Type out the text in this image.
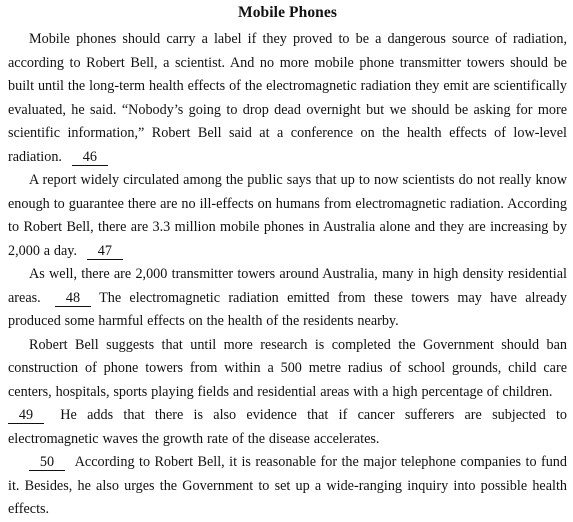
Mobile Phones

Mobile phones should carry a label if they proved to be a dangerous source of radiation, according to Robert Bell, a scientist. And no more mobile phone transmitter towers should be built until the long-term health effects of the electromagnetic radiation they emit are scientifically evaluated, he said. “Nobody’s going to drop dead overnight but we should be asking for more scientific information,” Robert Bell said at a conference on the health effects of low-level radiation. 46

A report widely circulated among the public says that up to now scientists do not really know enough to guarantee there are no ill-effects on humans from electromagnetic radiation. According to Robert Bell, there are 3.3 million mobile phones in Australia alone and they are increasing by 2,000 a day. 47

As well, there are 2,000 transmitter towers around Australia, many in high density residential areas. 48 The electromagnetic radiation emitted from these towers may have already produced some harmful effects on the health of the residents nearby.

Robert Bell suggests that until more research is completed the Government should ban construction of phone towers from within a 500 metre radius of school grounds, child care centers, hospitals, sports playing fields and residential areas with a high percentage of children.

49 He adds that there is also evidence that if cancer sufferers are subjected to electromagnetic waves the growth rate of the disease accelerates.

50 According to Robert Bell, it is reasonable for the major telephone companies to fund it. Besides, he also urges the Government to set up a wide-ranging inquiry into possible health effects.
